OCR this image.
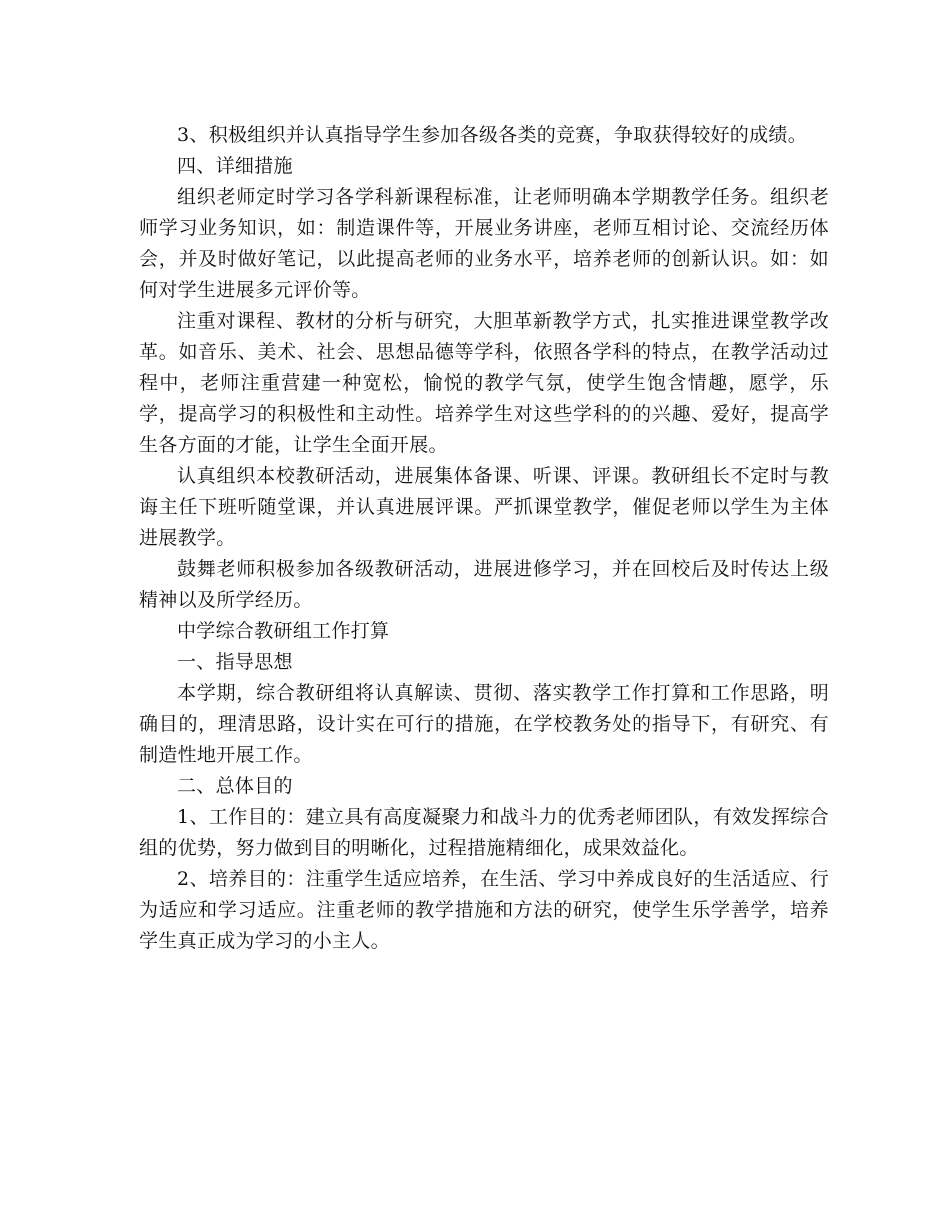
3、积极组织并认真指导学生参加各级各类的竞赛，争取获得较好的成绩。

四、详细措施

组织老师定时学习各学科新课程标准，让老师明确本学期教学任务。组织老师学习业务知识，如：制造课件等，开展业务讲座，老师互相讨论、交流经历体会，并及时做好笔记，以此提高老师的业务水平，培养老师的创新认识。如：如何对学生进展多元评价等。

注重对课程、教材的分析与研究，大胆革新教学方式，扎实推进课堂教学改革。如音乐、美术、社会、思想品德等学科，依照各学科的特点，在教学活动过程中，老师注重营建一种宽松，愉悦的教学气氛，使学生饱含情趣，愿学，乐学，提高学习的积极性和主动性。培养学生对这些学科的的兴趣、爱好，提高学生各方面的才能，让学生全面开展。

认真组织本校教研活动，进展集体备课、听课、评课。教研组长不定时与教诲主任下班听随堂课，并认真进展评课。严抓课堂教学，催促老师以学生为主体进展教学。

鼓舞老师积极参加各级教研活动，进展进修学习，并在回校后及时传达上级精神以及所学经历。

中学综合教研组工作打算

一、指导思想

本学期，综合教研组将认真解读、贯彻、落实教学工作打算和工作思路，明确目的，理清思路，设计实在可行的措施，在学校教务处的指导下，有研究、有制造性地开展工作。

二、总体目的

1、工作目的：建立具有高度凝聚力和战斗力的优秀老师团队，有效发挥综合组的优势，努力做到目的明晰化，过程措施精细化，成果效益化。

2、培养目的：注重学生适应培养，在生活、学习中养成良好的生活适应、行为适应和学习适应。注重老师的教学措施和方法的研究，使学生乐学善学，培养学生真正成为学习的小主人。
